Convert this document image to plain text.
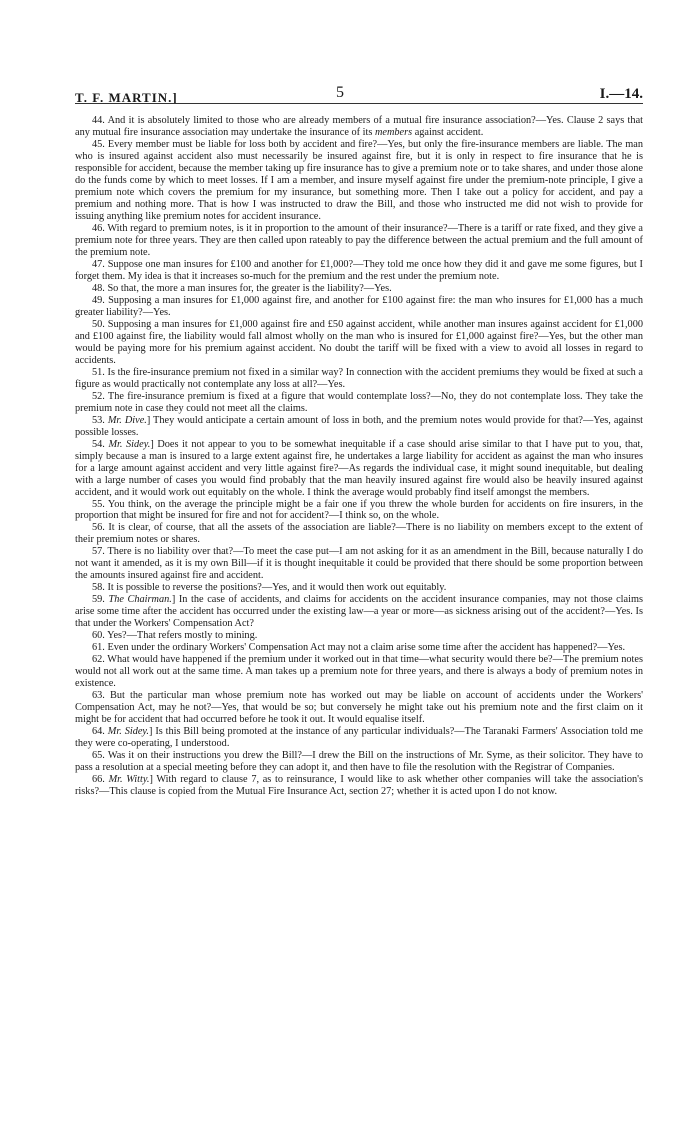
T. F. MARTIN.]	5	I.—14.

44. And it is absolutely limited to those who are already members of a mutual fire insurance association?—Yes. Clause 2 says that any mutual fire insurance association may undertake the insurance of its members against accident.

45. Every member must be liable for loss both by accident and fire?—Yes, but only the fire-insurance members are liable. The man who is insured against accident also must necessarily be insured against fire, but it is only in respect to fire insurance that he is responsible for accident, because the member taking up fire insurance has to give a premium note or to take shares, and under those alone do the funds come by which to meet losses. If I am a member, and insure myself against fire under the premium-note principle, I give a premium note which covers the premium for my insurance, but something more. Then I take out a policy for accident, and pay a premium and nothing more. That is how I was instructed to draw the Bill, and those who instructed me did not wish to provide for issuing anything like premium notes for accident insurance.

46. With regard to premium notes, is it in proportion to the amount of their insurance?—There is a tariff or rate fixed, and they give a premium note for three years. They are then called upon rateably to pay the difference between the actual premium and the full amount of the premium note.

47. Suppose one man insures for £100 and another for £1,000?—They told me once how they did it and gave me some figures, but I forget them. My idea is that it increases so-much for the premium and the rest under the premium note.

48. So that, the more a man insures for, the greater is the liability?—Yes.

49. Supposing a man insures for £1,000 against fire, and another for £100 against fire: the man who insures for £1,000 has a much greater liability?—Yes.

50. Supposing a man insures for £1,000 against fire and £50 against accident, while another man insures against accident for £1,000 and £100 against fire, the liability would fall almost wholly on the man who is insured for £1,000 against fire?—Yes, but the other man would be paying more for his premium against accident. No doubt the tariff will be fixed with a view to avoid all losses in regard to accidents.

51. Is the fire-insurance premium not fixed in a similar way? In connection with the accident premiums they would be fixed at such a figure as would practically not contemplate any loss at all?—Yes.

52. The fire-insurance premium is fixed at a figure that would contemplate loss?—No, they do not contemplate loss. They take the premium note in case they could not meet all the claims.

53. Mr. Dive.] They would anticipate a certain amount of loss in both, and the premium notes would provide for that?—Yes, against possible losses.

54. Mr. Sidey.] Does it not appear to you to be somewhat inequitable if a case should arise similar to that I have put to you, that, simply because a man is insured to a large extent against fire, he undertakes a large liability for accident as against the man who insures for a large amount against accident and very little against fire?—As regards the individual case, it might sound inequitable, but dealing with a large number of cases you would find probably that the man heavily insured against fire would also be heavily insured against accident, and it would work out equitably on the whole. I think the average would probably find itself amongst the members.

55. You think, on the average the principle might be a fair one if you threw the whole burden for accidents on fire insurers, in the proportion that might be insured for fire and not for accident?—I think so, on the whole.

56. It is clear, of course, that all the assets of the association are liable?—There is no liability on members except to the extent of their premium notes or shares.

57. There is no liability over that?—To meet the case put—I am not asking for it as an amendment in the Bill, because naturally I do not want it amended, as it is my own Bill—if it is thought inequitable it could be provided that there should be some proportion between the amounts insured against fire and accident.

58. It is possible to reverse the positions?—Yes, and it would then work out equitably.

59. The Chairman.] In the case of accidents, and claims for accidents on the accident insurance companies, may not those claims arise some time after the accident has occurred under the existing law—a year or more—as sickness arising out of the accident?—Yes. Is that under the Workers' Compensation Act?

60. Yes?—That refers mostly to mining.

61. Even under the ordinary Workers' Compensation Act may not a claim arise some time after the accident has happened?—Yes.

62. What would have happened if the premium under it worked out in that time—what security would there be?—The premium notes would not all work out at the same time. A man takes up a premium note for three years, and there is always a body of premium notes in existence.

63. But the particular man whose premium note has worked out may be liable on account of accidents under the Workers' Compensation Act, may he not?—Yes, that would be so; but conversely he might take out his premium note and the first claim on it might be for accident that had occurred before he took it out. It would equalise itself.

64. Mr. Sidey.] Is this Bill being promoted at the instance of any particular individuals?—The Taranaki Farmers' Association told me they were co-operating, I understood.

65. Was it on their instructions you drew the Bill?—I drew the Bill on the instructions of Mr. Syme, as their solicitor. They have to pass a resolution at a special meeting before they can adopt it, and then have to file the resolution with the Registrar of Companies.

66. Mr. Witty.] With regard to clause 7, as to reinsurance, I would like to ask whether other companies will take the association's risks?—This clause is copied from the Mutual Fire Insurance Act, section 27; whether it is acted upon I do not know.
